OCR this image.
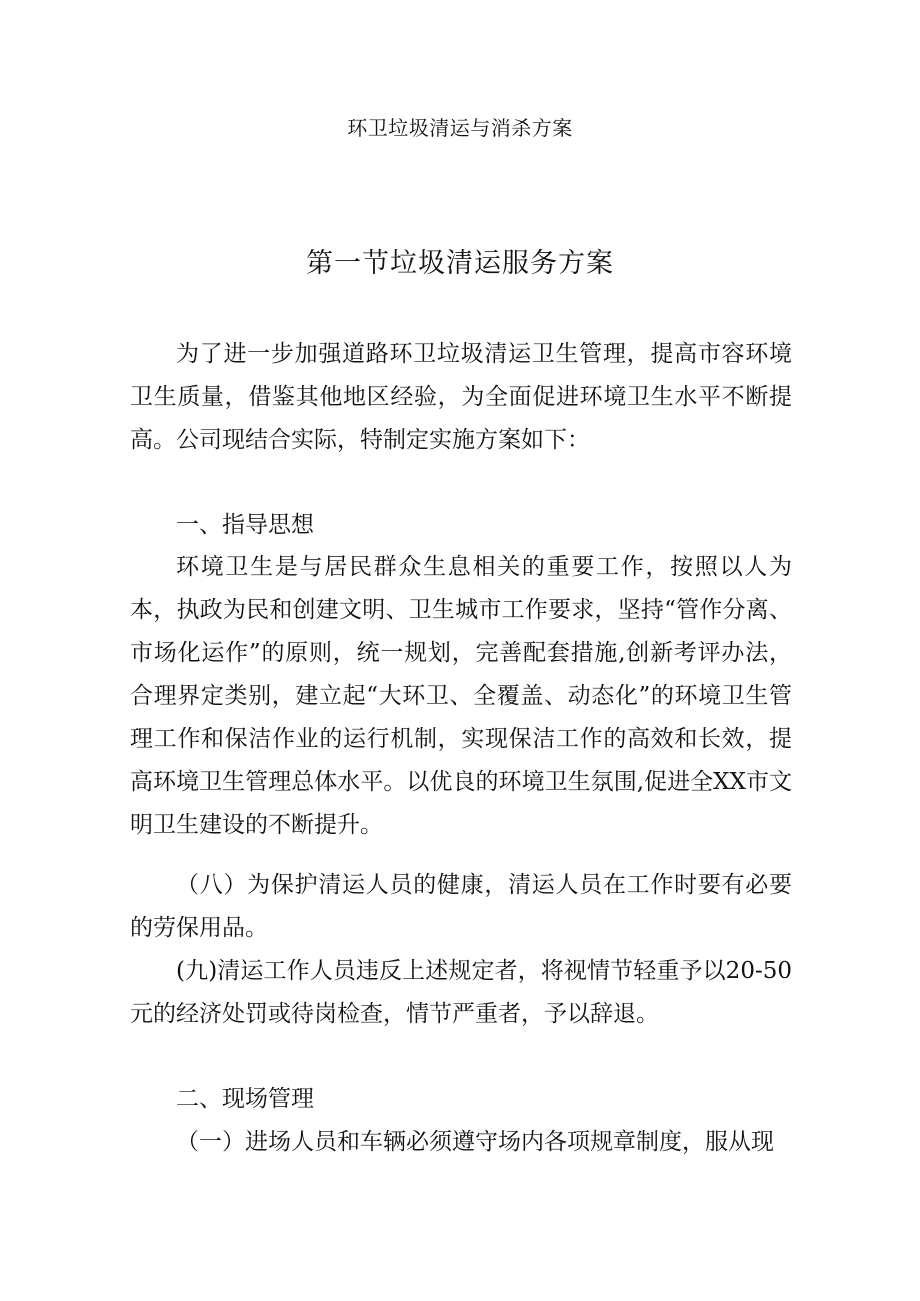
环卫垃圾清运与消杀方案
第一节垃圾清运服务方案

为了进一步加强道路环卫垃圾清运卫生管理，提高市容环境卫生质量，借鉴其他地区经验，为全面促进环境卫生水平不断提高。公司现结合实际，特制定实施方案如下：

一、指导思想

环境卫生是与居民群众生息相关的重要工作，按照以人为本，执政为民和创建文明、卫生城市工作要求，坚持“管作分离、市场化运作”的原则，统一规划，完善配套措施,创新考评办法，合理界定类别，建立起“大环卫、全覆盖、动态化”的环境卫生管理工作和保洁作业的运行机制，实现保洁工作的高效和长效，提高环境卫生管理总体水平。以优良的环境卫生氛围,促进全XX市文明卫生建设的不断提升。

（八）为保护清运人员的健康，清运人员在工作时要有必要的劳保用品。

(九)清运工作人员违反上述规定者，将视情节轻重予以20-50元的经济处罚或待岗检查，情节严重者，予以辞退。

二、现场管理

（一）进场人员和车辆必须遵守场内各项规章制度，服从现
